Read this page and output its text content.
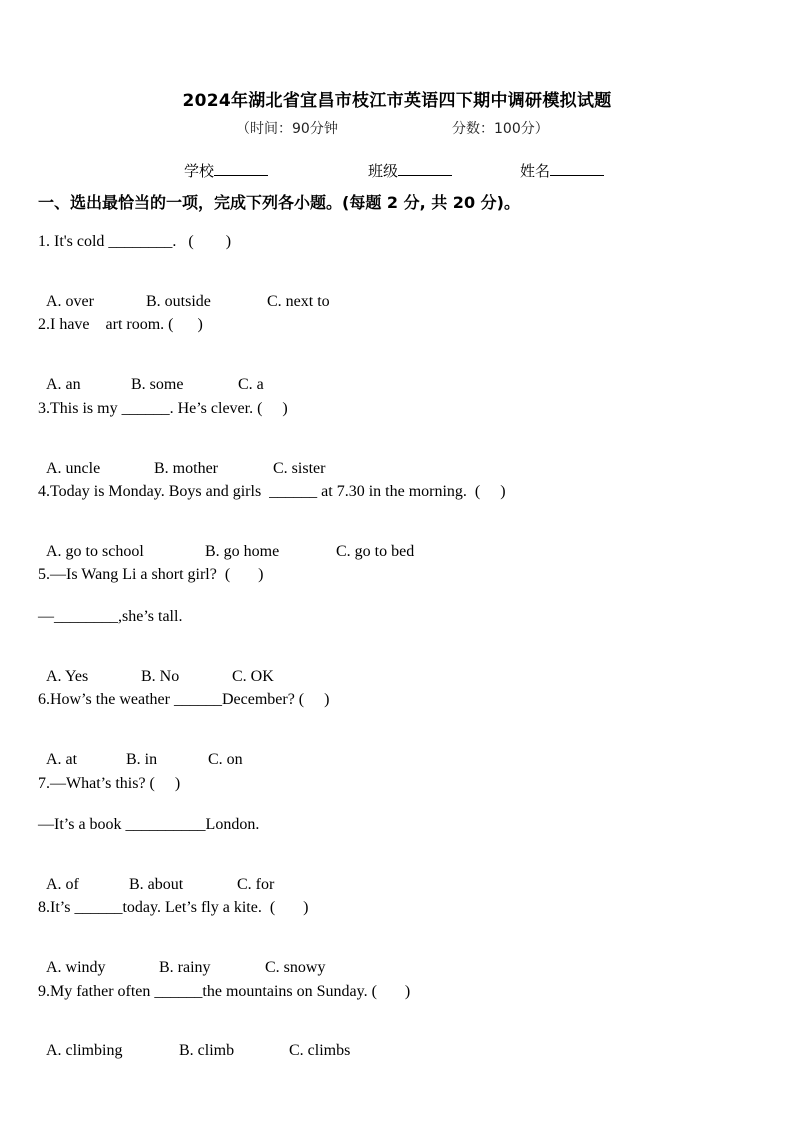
2024年湖北省宜昌市枝江市英语四下期中调研模拟试题
（时间：90分钟	分数：100分）
学校	班级	姓名
一、选出最恰当的一项，完成下列各小题。(每题 2 分, 共 20 分)。
1. It's cold ________.   (        )

A. over	B. outside	C. next to

2.I have    art room. (      )

A. an	B. some	C. a

3.This is my ______. He’s clever. (     )

A. uncle	B. mother	C. sister

4.Today is Monday. Boys and girls  ______ at 7.30 in the morning.  (     )

A. go to school	B. go home	C. go to bed

5.—Is Wang Li a short girl?  (       )
—________,she’s tall.

A. Yes	B. No	C. OK

6.How’s the weather ______December? (     )

A. at	B. in	C. on

7.—What’s this? (     )
—It’s a book __________London.

A. of	B. about	C. for

8.It’s ______today. Let’s fly a kite.  (       )

A. windy	B. rainy	C. snowy

9.My father often ______the mountains on Sunday. (       )

A. climbing	B. climb	C. climbs
